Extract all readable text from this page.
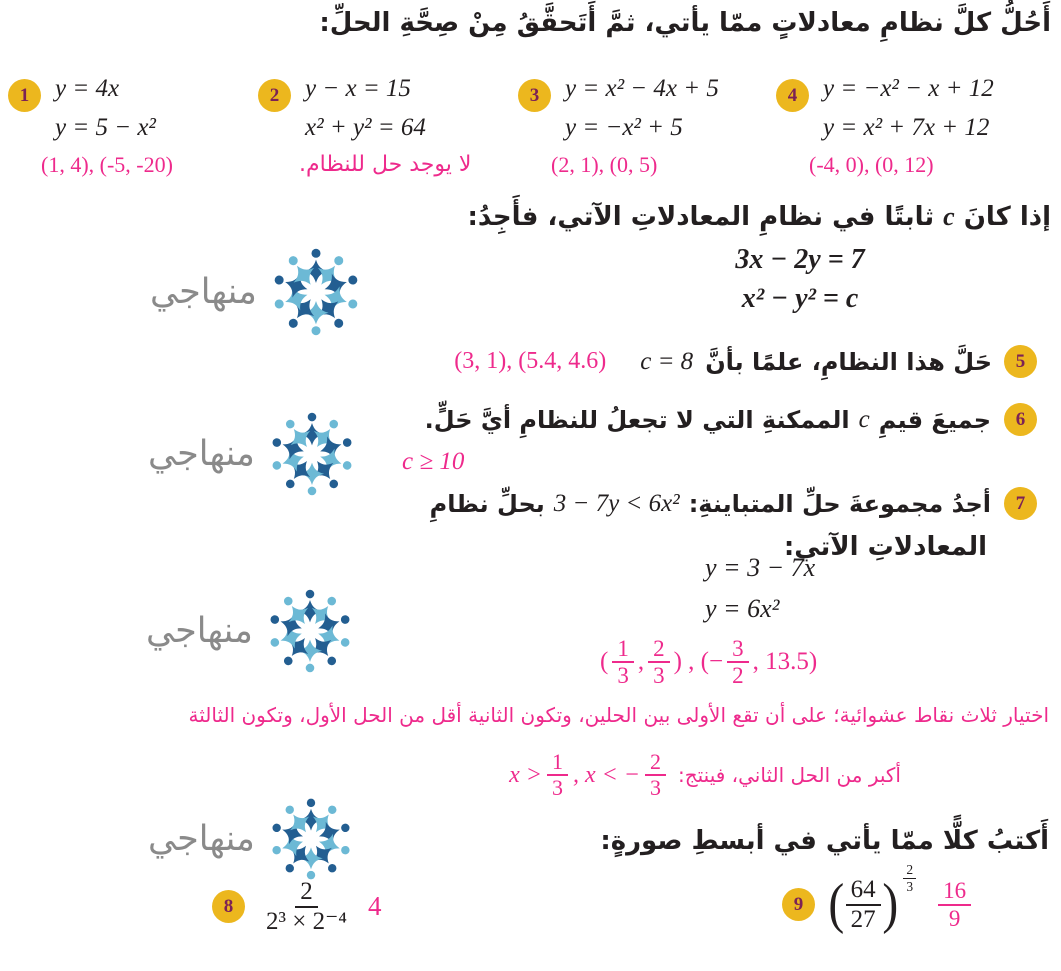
أَحُلُّ كلَّ نظامِ معادلاتٍ ممّا يأتي، ثمَّ أَتَحقَّقُ مِنْ صِحَّةِ الحلِّ:
1	y = 4x
y = 5 − x²
(1, 4), (-5, -20)
2	y − x = 15
x² + y² = 64
لا يوجد حل للنظام.
3	y = x² − 4x + 5
y = −x² + 5
(2, 1), (0, 5)
4	y = −x² − x + 12
y = x² + 7x + 12
(-4, 0), (0, 12)
إذا كانَ
c
ثابتًا في نظامِ المعادلاتِ الآتي، فأَجِدُ:
3x − 2y = 7
x² − y² = c
5
حَلَّ هذا النظامِ، علمًا بأنَّ
c = 8
(3, 1), (5.4, 4.6)
6
جميعَ قيمِ
c
الممكنةِ التي لا تجعلُ للنظامِ أيَّ حَلٍّ.
c ≥ 10
7
أجدُ مجموعةَ حلِّ المتباينةِ:
3 − 7y < 6x²
بحلِّ نظامِ
المعادلاتِ الآتي:
y = 3 − 7x
y = 6x²
( $\frac{1}{3}$ , $\frac{2}{3}$ ) , (− $\frac{3}{2}$ , 13.5)
اختيار ثلاث نقاط عشوائية؛ على أن تقع الأولى بين الحلين، وتكون الثانية أقل من الحل الأول، وتكون الثالثة
أكبر من الحل الثاني، فينتج:
$x > \frac{1}{3}$ , x < − $\frac{2}{3}$
أَكتبُ كلًّا ممّا يأتي في أبسطِ صورةٍ:
8	$\frac{2}{\text{2³ × 2⁻⁴}} 4$	9 ( $\frac{64}{27}$ ) $\frac{2}{3} \frac{16}{9}$
منهاجي
منهاجي
منهاجي
منهاجي
